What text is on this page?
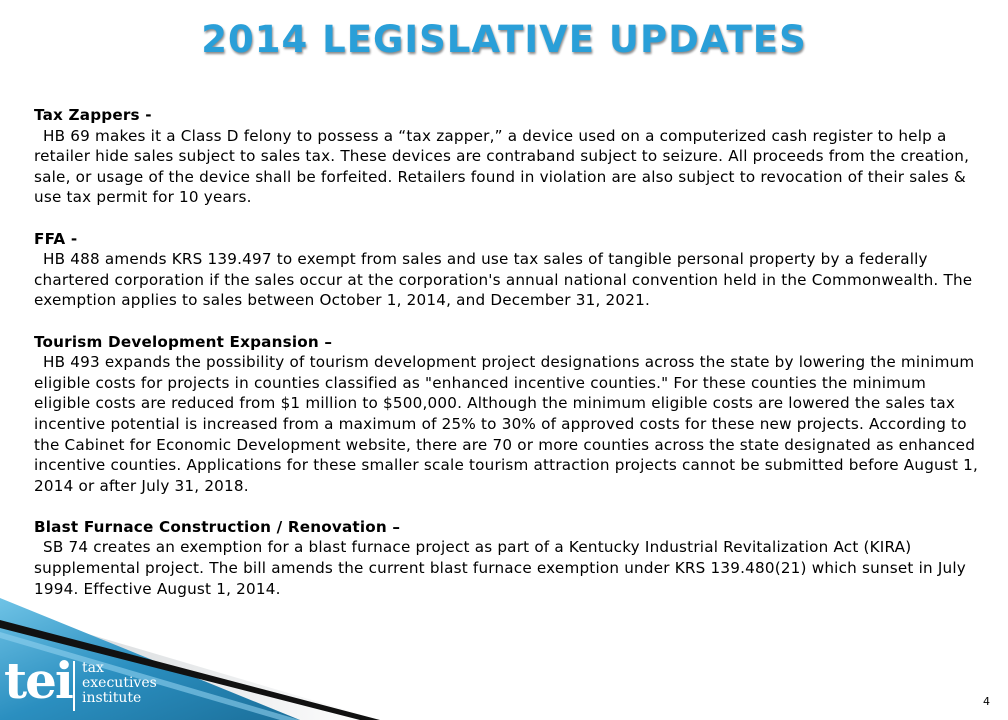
2014 LEGISLATIVE UPDATES
Tax Zappers -
HB 69 makes it a Class D felony to possess a “tax zapper,” a device used on a computerized cash register to help a retailer hide sales subject to sales tax. These devices are contraband subject to seizure. All proceeds from the creation, sale, or usage of the device shall be forfeited. Retailers found in violation are also subject to revocation of their sales & use tax permit for 10 years.
FFA -
HB 488 amends KRS 139.497 to exempt from sales and use tax sales of tangible personal property by a federally chartered corporation if the sales occur at the corporation's annual national convention held in the Commonwealth. The exemption applies to sales between October 1, 2014, and December 31, 2021.
Tourism Development Expansion –
HB 493 expands the possibility of tourism development project designations across the state by lowering the minimum eligible costs for projects in counties classified as "enhanced incentive counties." For these counties the minimum eligible costs are reduced from $1 million to $500,000. Although the minimum eligible costs are lowered the sales tax incentive potential is increased from a maximum of 25% to 30% of approved costs for these new projects. According to the Cabinet for Economic Development website, there are 70 or more counties across the state designated as enhanced incentive counties. Applications for these smaller scale tourism attraction projects cannot be submitted before August 1, 2014 or after July 31, 2018.
Blast Furnace Construction / Renovation –
SB 74 creates an exemption for a blast furnace project as part of a Kentucky Industrial Revitalization Act (KIRA) supplemental project. The bill amends the current blast furnace exemption under KRS 139.480(21) which sunset in July 1994. Effective August 1, 2014.
tei tax
executives
institute	4
